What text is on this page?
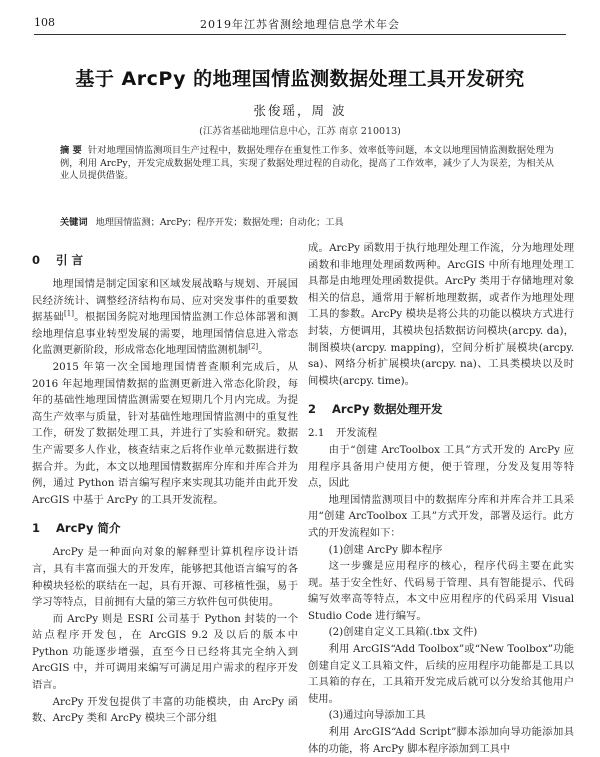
108	2019年江苏省测绘地理信息学术年会
基于 ArcPy 的地理国情监测数据处理工具开发研究
张俊瑶，周 波
(江苏省基础地理信息中心，江苏 南京 210013)
摘 要 针对地理国情监测项目生产过程中，数据处理存在重复性工作多、效率低等问题，本文以地理国情监测数据处理为例，利用 ArcPy，开发完成数据处理工具，实现了数据处理过程的自动化，提高了工作效率，减少了人为误差，为相关从业人员提供借鉴。
关键词 地理国情监测；ArcPy；程序开发；数据处理；自动化；工具
0 引 言

地理国情是制定国家和区域发展战略与规划、开展国民经济统计、调整经济结构布局、应对突发事件的重要数据基础[1]。根据国务院对地理国情监测工作总体部署和测绘地理信息事业转型发展的需要，地理国情信息进入常态化监测更新阶段，形成常态化地理国情监测机制[2]。

2015 年第一次全国地理国情普查顺利完成后，从 2016 年起地理国情数据的监测更新进入常态化阶段，每年的基础性地理国情监测需要在短期几个月内完成。为提高生产效率与质量，针对基础性地理国情监测中的重复性工作，研发了数据处理工具，并进行了实验和研究。数据生产需要多人作业，核查结束之后将作业单元数据进行数据合并。为此，本文以地理国情数据库分库和并库合并为例，通过 Python 语言编写程序来实现其功能并由此开发 ArcGIS 中基于 ArcPy 的工具开发流程。

1 ArcPy 简介

ArcPy 是一种面向对象的解释型计算机程序设计语言，具有丰富而强大的开发库，能够把其他语言编写的各种模块轻松的联结在一起，具有开源、可移植性强，易于学习等特点，目前拥有大量的第三方软件包可供使用。

而 ArcPy 则是 ESRI 公司基于 Python 封装的一个站点程序开发包，在 ArcGIS 9.2 及以后的版本中 Python 功能逐步增强，直至今日已经将其完全纳入到 ArcGIS 中，并可调用来编写可满足用户需求的程序开发语言。

ArcPy 开发包提供了丰富的功能模块，由 ArcPy 函数、ArcPy 类和 ArcPy 模块三个部分组

成。ArcPy 函数用于执行地理处理工作流，分为地理处理函数和非地理处理函数两种。ArcGIS 中所有地理处理工具都是由地理处理函数提供。ArcPy 类用于存储地理对象相关的信息，通常用于解析地理数据，或者作为地理处理工具的参数。ArcPy 模块是将公共的功能以模块方式进行封装，方便调用，其模块包括数据访问模块(arcpy. da)，制图模块(arcpy. mapping)，空间分析扩展模块(arcpy. sa)、网络分析扩展模块(arcpy. na)、工具类模块以及时间模块(arcpy. time)。

2 ArcPy 数据处理开发
2.1 开发流程

由于“创建 ArcToolbox 工具”方式开发的 ArcPy 应用程序具备用户使用方便，便于管理，分发及复用等特点，因此

地理国情监测项目中的数据库分库和并库合并工具采用“创建 ArcToolbox 工具”方式开发，部署及运行。此方式的开发流程如下：

(1)创建 ArcPy 脚本程序

这一步骤是应用程序的核心，程序代码主要在此实现。基于安全性好、代码易于管理、具有智能提示、代码编写效率高等特点，本文中应用程序的代码采用 Visual Studio Code 进行编写。

(2)创建自定义工具箱(.tbx 文件)

利用 ArcGIS“Add Toolbox”或“New Toolbox”功能创建自定义工具箱文件，后续的应用程序功能都是工具以工具箱的存在，工具箱开发完成后就可以分发给其他用户使用。

(3)通过向导添加工具

利用 ArcGIS“Add Script”脚本添加向导功能添加具体的功能，将 ArcPy 脚本程序添加到工具中
